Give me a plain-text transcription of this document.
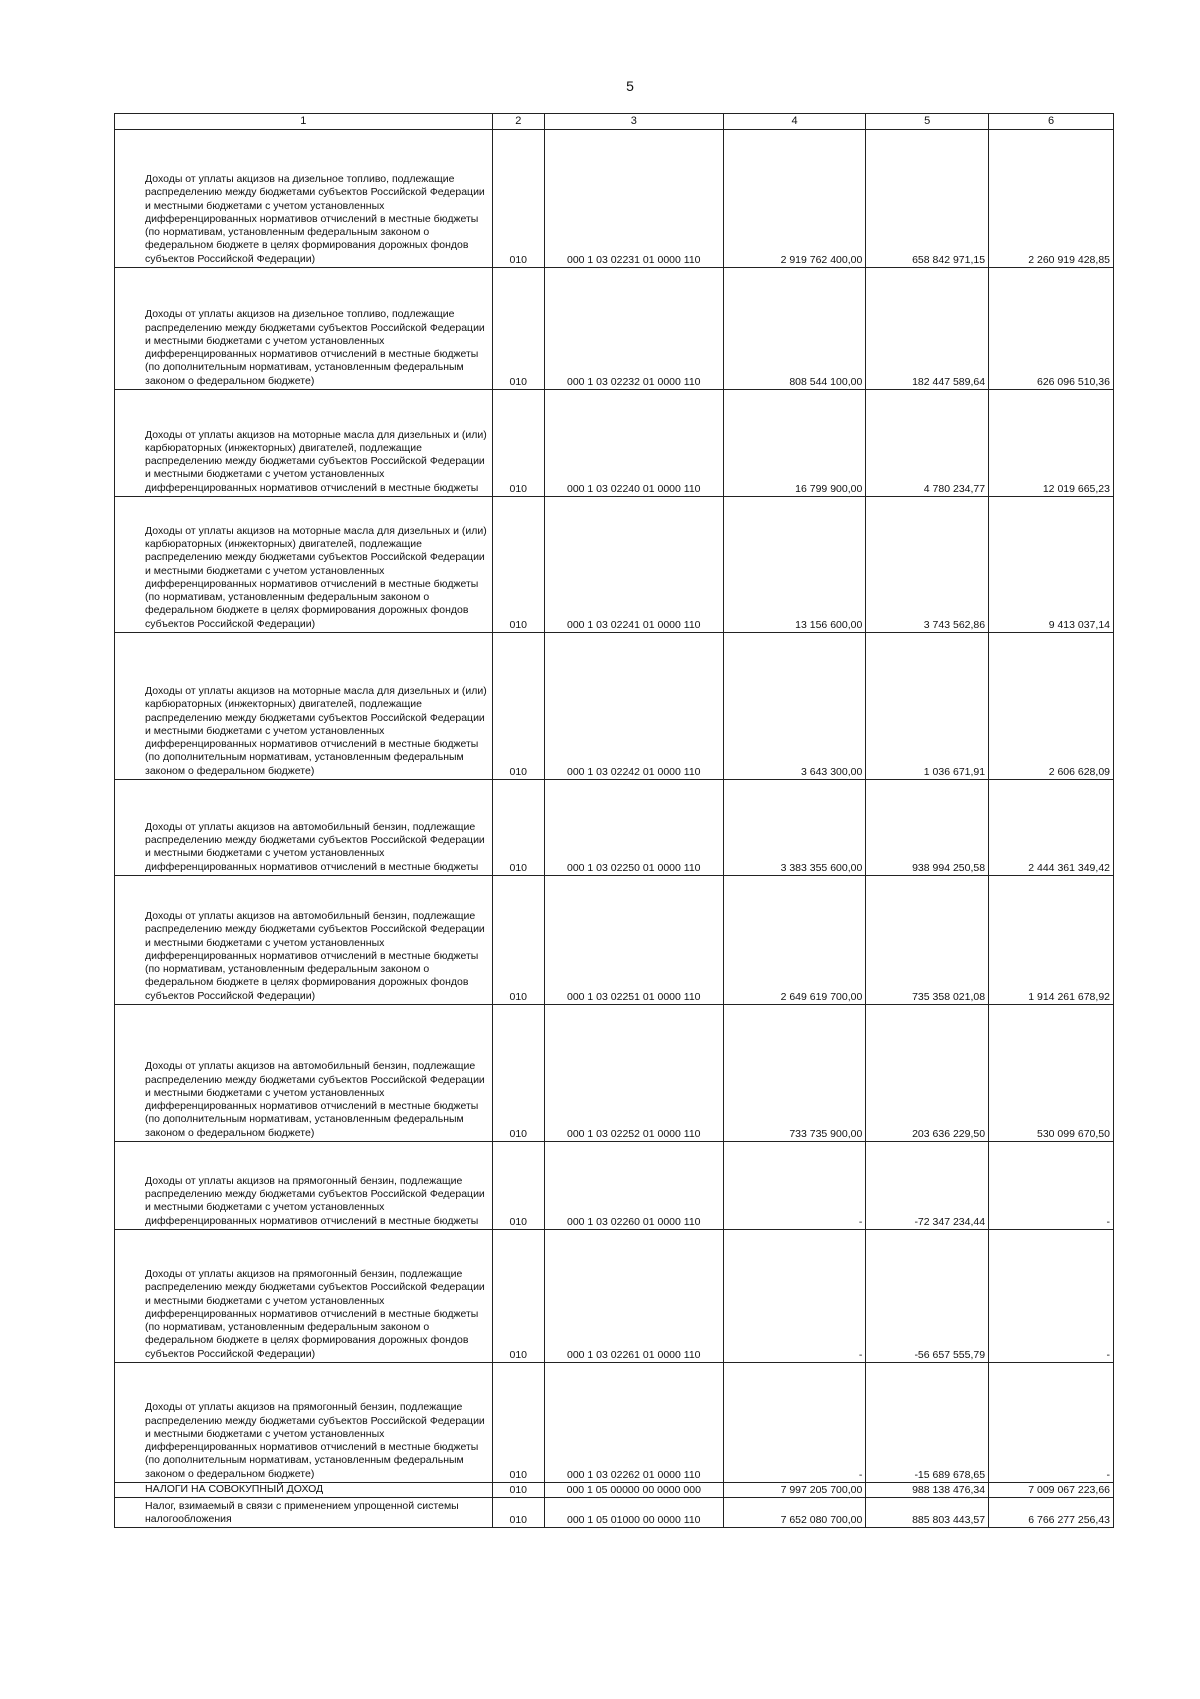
5
1	2	3	4	5	6
Доходы от уплаты акцизов на дизельное топливо, подлежащие распределению между бюджетами субъектов Российской Федерации и местными бюджетами с учетом установленных дифференцированных нормативов отчислений в местные бюджеты (по нормативам, установленным федеральным законом о федеральном бюджете в целях формирования дорожных фондов субъектов Российской Федерации)	010	000 1 03 02231 01 0000 110	2 919 762 400,00	658 842 971,15	2 260 919 428,85
Доходы от уплаты акцизов на дизельное топливо, подлежащие распределению между бюджетами субъектов Российской Федерации и местными бюджетами с учетом установленных дифференцированных нормативов отчислений в местные бюджеты (по дополнительным нормативам, установленным федеральным законом о федеральном бюджете)	010	000 1 03 02232 01 0000 110	808 544 100,00	182 447 589,64	626 096 510,36
Доходы от уплаты акцизов на моторные масла для дизельных и (или) карбюраторных (инжекторных) двигателей, подлежащие распределению между бюджетами субъектов Российской Федерации и местными бюджетами с учетом установленных дифференцированных нормативов отчислений в местные бюджеты	010	000 1 03 02240 01 0000 110	16 799 900,00	4 780 234,77	12 019 665,23
Доходы от уплаты акцизов на моторные масла для дизельных и (или) карбюраторных (инжекторных) двигателей, подлежащие распределению между бюджетами субъектов Российской Федерации и местными бюджетами с учетом установленных дифференцированных нормативов отчислений в местные бюджеты (по нормативам, установленным федеральным законом о федеральном бюджете в целях формирования дорожных фондов субъектов Российской Федерации)	010	000 1 03 02241 01 0000 110	13 156 600,00	3 743 562,86	9 413 037,14
Доходы от уплаты акцизов на моторные масла для дизельных и (или) карбюраторных (инжекторных) двигателей, подлежащие распределению между бюджетами субъектов Российской Федерации и местными бюджетами с учетом установленных дифференцированных нормативов отчислений в местные бюджеты (по дополнительным нормативам, установленным федеральным законом о федеральном бюджете)	010	000 1 03 02242 01 0000 110	3 643 300,00	1 036 671,91	2 606 628,09
Доходы от уплаты акцизов на автомобильный бензин, подлежащие распределению между бюджетами субъектов Российской Федерации и местными бюджетами с учетом установленных дифференцированных нормативов отчислений в местные бюджеты	010	000 1 03 02250 01 0000 110	3 383 355 600,00	938 994 250,58	2 444 361 349,42
Доходы от уплаты акцизов на автомобильный бензин, подлежащие распределению между бюджетами субъектов Российской Федерации и местными бюджетами с учетом установленных дифференцированных нормативов отчислений в местные бюджеты (по нормативам, установленным федеральным законом о федеральном бюджете в целях формирования дорожных фондов субъектов Российской Федерации)	010	000 1 03 02251 01 0000 110	2 649 619 700,00	735 358 021,08	1 914 261 678,92
Доходы от уплаты акцизов на автомобильный бензин, подлежащие распределению между бюджетами субъектов Российской Федерации и местными бюджетами с учетом установленных дифференцированных нормативов отчислений в местные бюджеты (по дополнительным нормативам, установленным федеральным законом о федеральном бюджете)	010	000 1 03 02252 01 0000 110	733 735 900,00	203 636 229,50	530 099 670,50
Доходы от уплаты акцизов на прямогонный бензин, подлежащие распределению между бюджетами субъектов Российской Федерации и местными бюджетами с учетом установленных дифференцированных нормативов отчислений в местные бюджеты	010	000 1 03 02260 01 0000 110	-	-72 347 234,44	-
Доходы от уплаты акцизов на прямогонный бензин, подлежащие распределению между бюджетами субъектов Российской Федерации и местными бюджетами с учетом установленных дифференцированных нормативов отчислений в местные бюджеты (по нормативам, установленным федеральным законом о федеральном бюджете в целях формирования дорожных фондов субъектов Российской Федерации)	010	000 1 03 02261 01 0000 110	-	-56 657 555,79	-
Доходы от уплаты акцизов на прямогонный бензин, подлежащие распределению между бюджетами субъектов Российской Федерации и местными бюджетами с учетом установленных дифференцированных нормативов отчислений в местные бюджеты (по дополнительным нормативам, установленным федеральным законом о федеральном бюджете)	010	000 1 03 02262 01 0000 110	-	-15 689 678,65	-
НАЛОГИ НА СОВОКУПНЫЙ ДОХОД	010	000 1 05 00000 00 0000 000	7 997 205 700,00	988 138 476,34	7 009 067 223,66
Налог, взимаемый в связи с применением упрощенной системы налогообложения	010	000 1 05 01000 00 0000 110	7 652 080 700,00	885 803 443,57	6 766 277 256,43
